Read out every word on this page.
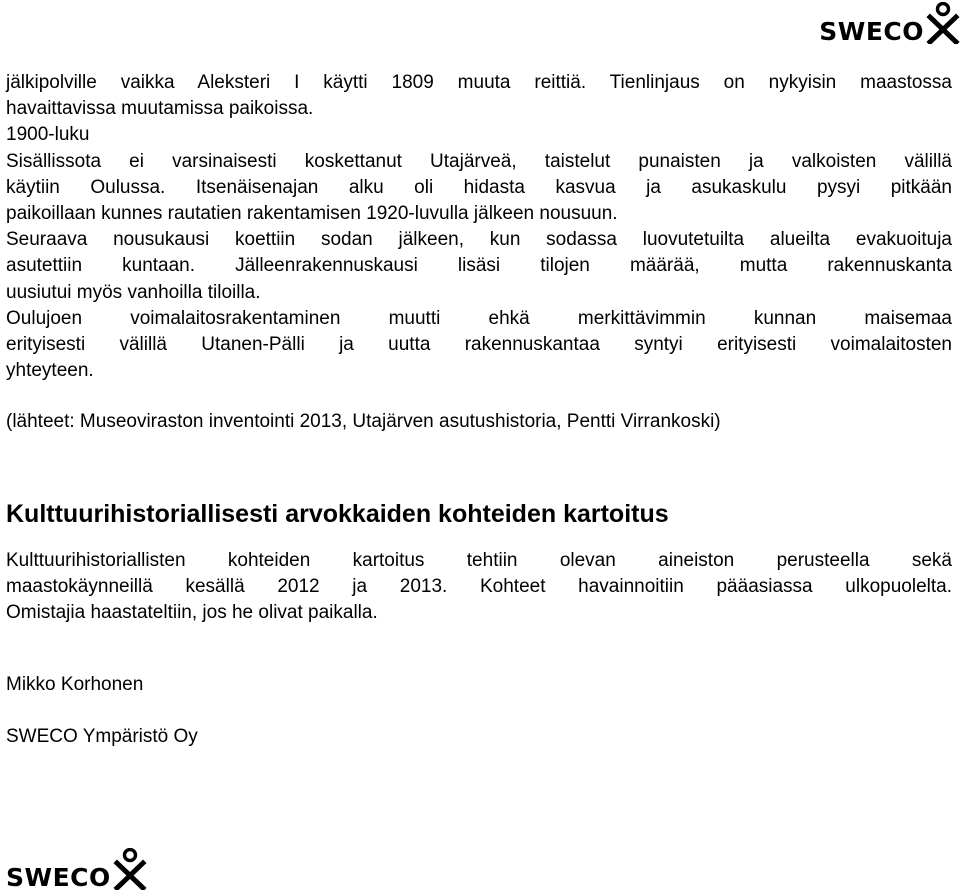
SWECO

jälkipolville vaikka Aleksteri I käytti 1809 muuta reittiä. Tienlinjaus on nykyisin maastossa
havaittavissa muutamissa paikoissa.

1900-luku
Sisällissota ei varsinaisesti koskettanut Utajärveä, taistelut punaisten ja valkoisten välillä
käytiin Oulussa. Itsenäisenajan alku oli hidasta kasvua ja asukaskulu pysyi pitkään
paikoillaan kunnes rautatien rakentamisen 1920-luvulla jälkeen nousuun.
Seuraava nousukausi koettiin sodan jälkeen, kun sodassa luovutetuilta alueilta evakuoituja
asutettiin kuntaan. Jälleenrakennuskausi lisäsi tilojen määrää, mutta rakennuskanta
uusiutui myös vanhoilla tiloilla.
Oulujoen voimalaitosrakentaminen muutti ehkä merkittävimmin kunnan maisemaa
erityisesti välillä Utanen-Pälli ja uutta rakennuskantaa syntyi erityisesti voimalaitosten
yhteyteen.

(lähteet: Museoviraston inventointi 2013, Utajärven asutushistoria, Pentti Virrankoski)

Kulttuurihistoriallisesti arvokkaiden kohteiden kartoitus

Kulttuurihistoriallisten kohteiden kartoitus tehtiin olevan aineiston perusteella sekä
maastokäynneillä kesällä 2012 ja 2013. Kohteet havainnoitiin pääasiassa ulkopuolelta.
Omistajia haastateltiin, jos he olivat paikalla.

Mikko Korhonen

SWECO Ympäristö Oy

SWECO
